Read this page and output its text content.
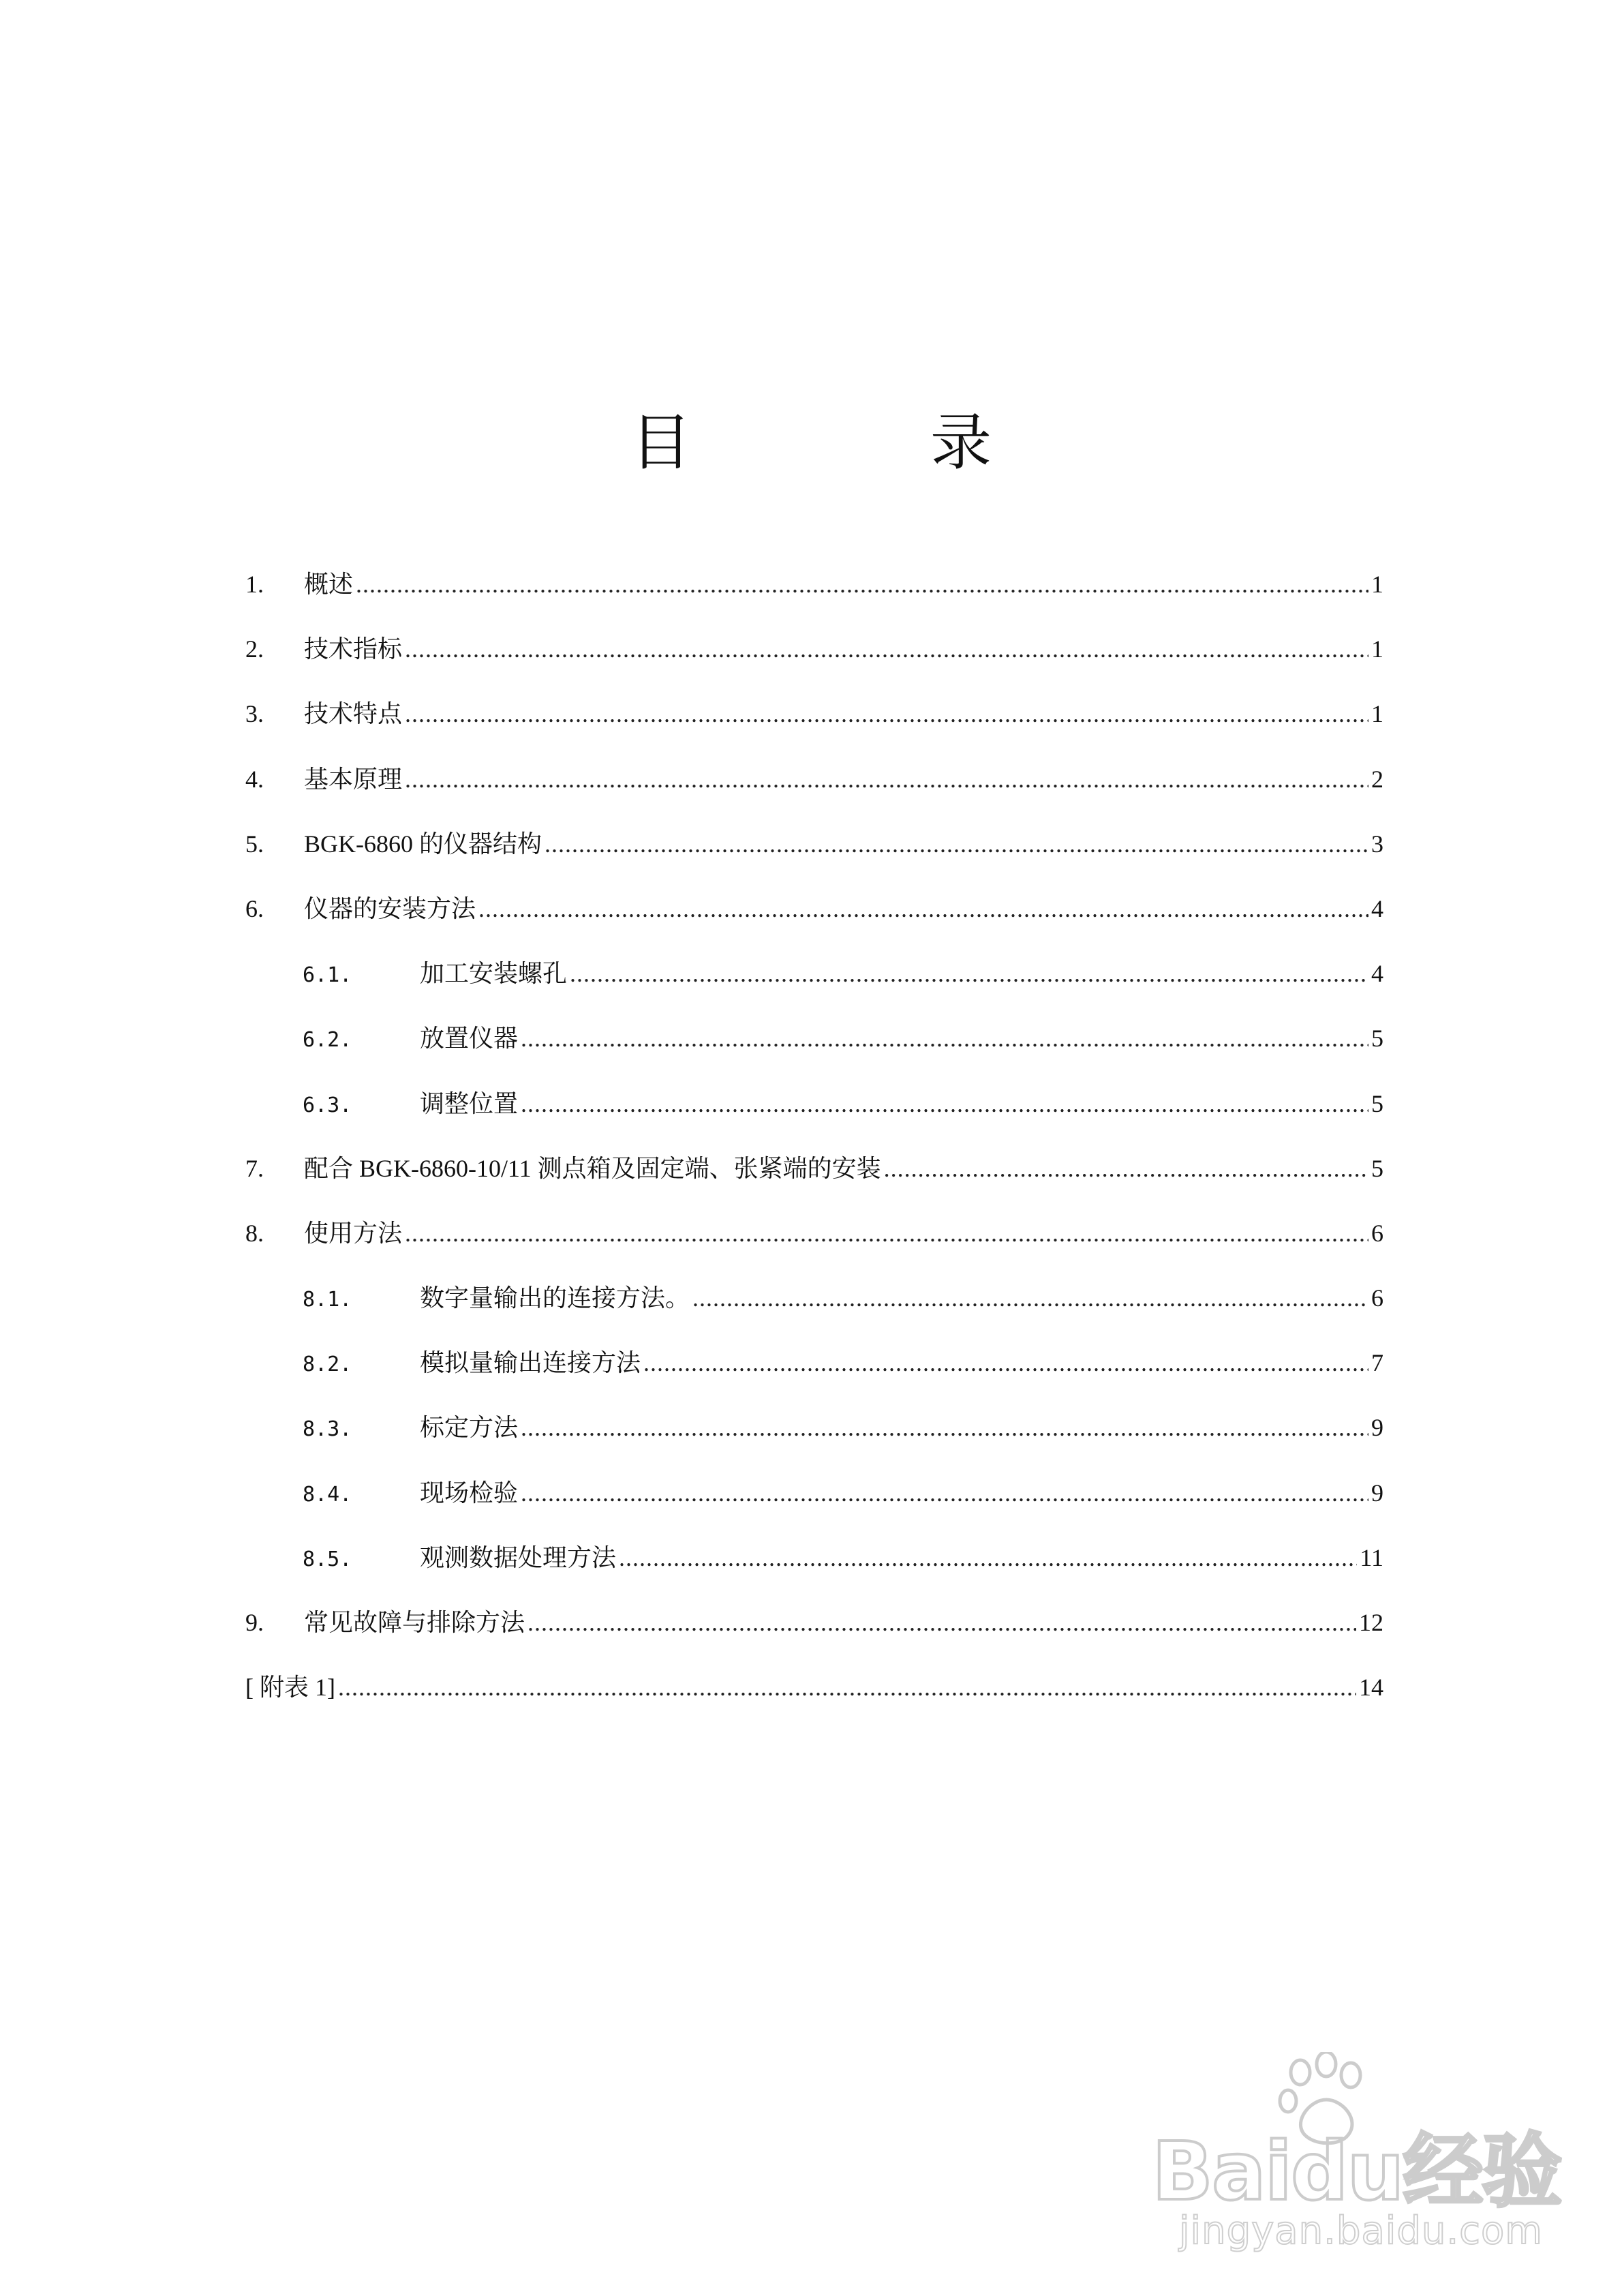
目　录
1.	概述 .....	1
2.	技术指标 .....	1
3.	技术特点 .....	1
4.	基本原理 .....	2
5.	BGK-6860 的仪器结构 .....	3
6.	仪器的安装方法 .....	4
6.1.	加工安装螺孔 .....	4
6.2.	放置仪器 .....	5
6.3.	调整位置 .....	5
7.	配合 BGK-6860-10/11 测点箱及固定端、张紧端的安装 .....	5
8.	使用方法 .....	6
8.1.	数字量输出的连接方法。 .....	6
8.2.	模拟量输出连接方法 .....	7
8.3.	标定方法 .....	9
8.4.	现场检验 .....	9
8.5.	观测数据处理方法 .....	11
9.	常见故障与排除方法 .....	12
[ 附表 1] .....	14
Baidu经验
jingyan.baidu.com
